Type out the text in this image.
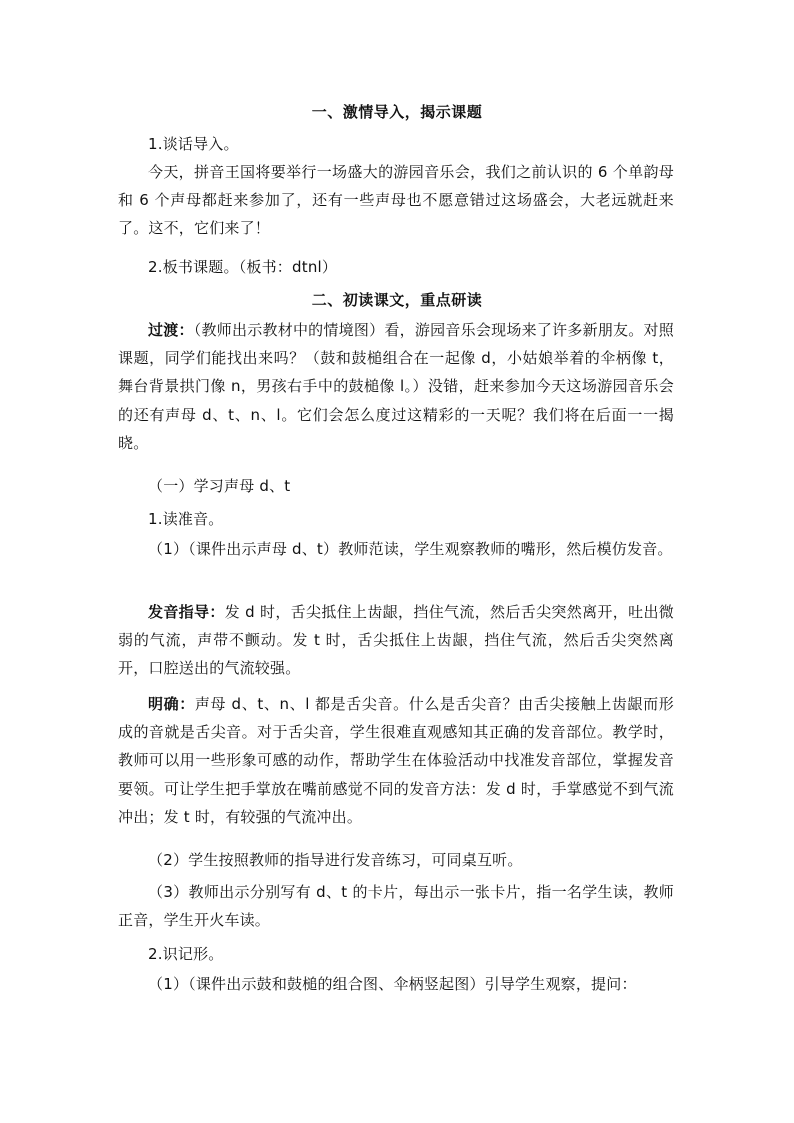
一、激情导入，揭示课题
1.谈话导入。
今天，拼音王国将要举行一场盛大的游园音乐会，我们之前认识的 6 个单韵母和 6 个声母都赶来参加了，还有一些声母也不愿意错过这场盛会，大老远就赶来了。这不，它们来了！
2.板书课题。（板书：dtnl）
二、初读课文，重点研读
过渡：（教师出示教材中的情境图）看，游园音乐会现场来了许多新朋友。对照课题，同学们能找出来吗？（鼓和鼓槌组合在一起像 d，小姑娘举着的伞柄像 t，舞台背景拱门像 n，男孩右手中的鼓槌像 l。）没错，赶来参加今天这场游园音乐会的还有声母 d、t、n、l。它们会怎么度过这精彩的一天呢？我们将在后面一一揭晓。
（一）学习声母 d、t
1.读准音。
（1）（课件出示声母 d、t）教师范读，学生观察教师的嘴形，然后模仿发音。
发音指导：发 d 时，舌尖抵住上齿龈，挡住气流，然后舌尖突然离开，吐出微弱的气流，声带不颤动。发 t 时，舌尖抵住上齿龈，挡住气流，然后舌尖突然离开，口腔送出的气流较强。
明确：声母 d、t、n、l 都是舌尖音。什么是舌尖音？由舌尖接触上齿龈而形成的音就是舌尖音。对于舌尖音，学生很难直观感知其正确的发音部位。教学时，教师可以用一些形象可感的动作，帮助学生在体验活动中找准发音部位，掌握发音要领。可让学生把手掌放在嘴前感觉不同的发音方法：发 d 时，手掌感觉不到气流冲出；发 t 时，有较强的气流冲出。
（2）学生按照教师的指导进行发音练习，可同桌互听。
（3）教师出示分别写有 d、t 的卡片，每出示一张卡片，指一名学生读，教师正音，学生开火车读。
2.识记形。
（1）（课件出示鼓和鼓槌的组合图、伞柄竖起图）引导学生观察，提问：
